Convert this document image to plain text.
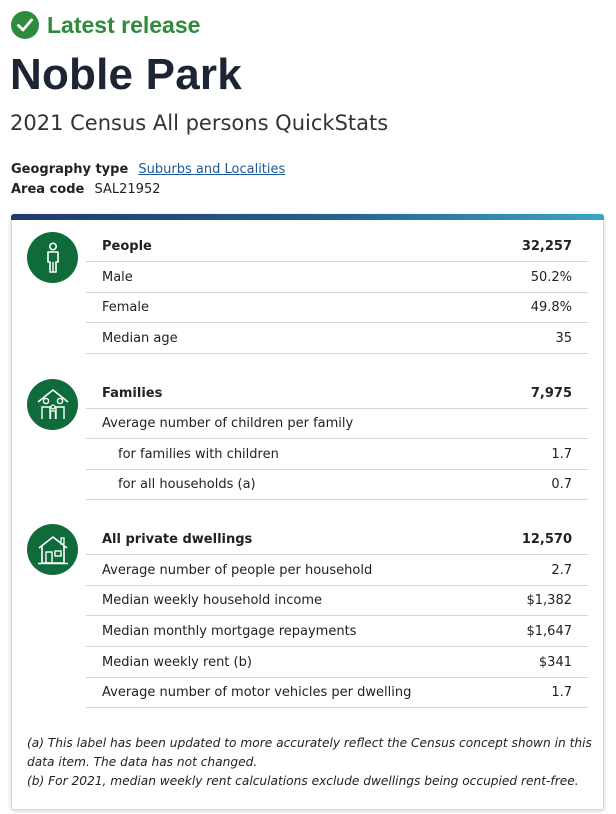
Latest release
Noble Park
2021 Census All persons QuickStats
Geography type Suburbs and Localities
Area code SAL21952
People	32,257
Male	50.2%
Female	49.8%
Median age	35
Families	7,975
Average number of children per family
for families with children	1.7
for all households (a)	0.7
All private dwellings	12,570
Average number of people per household	2.7
Median weekly household income	$1,382
Median monthly mortgage repayments	$1,647
Median weekly rent (b)	$341
Average number of motor vehicles per dwelling	1.7
(a) This label has been updated to more accurately reflect the Census concept shown in this data item. The data has not changed.
(b) For 2021, median weekly rent calculations exclude dwellings being occupied rent-free.
